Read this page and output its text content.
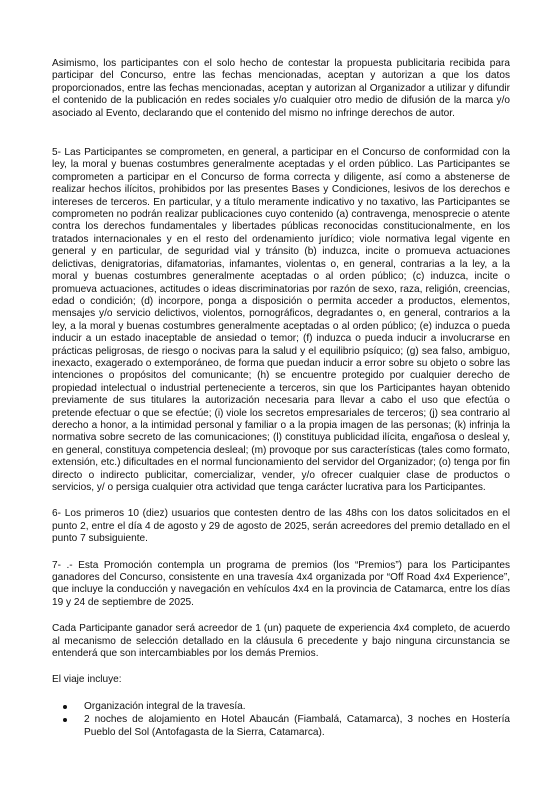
Asimismo, los participantes con el solo hecho de contestar la propuesta publicitaria recibida para participar del Concurso, entre las fechas mencionadas, aceptan y autorizan a que los datos proporcionados, entre las fechas mencionadas, aceptan y autorizan al Organizador a utilizar y difundir el contenido de la publicación en redes sociales y/o cualquier otro medio de difusión de la marca y/o asociado al Evento, declarando que el contenido del mismo no infringe derechos de autor.

5- Las Participantes se comprometen, en general, a participar en el Concurso de conformidad con la ley, la moral y buenas costumbres generalmente aceptadas y el orden público. Las Participantes se comprometen a participar en el Concurso de forma correcta y diligente, así como a abstenerse de realizar hechos ilícitos, prohibidos por las presentes Bases y Condiciones, lesivos de los derechos e intereses de terceros. En particular, y a título meramente indicativo y no taxativo, las Participantes se comprometen no podrán realizar publicaciones cuyo contenido (a) contravenga, menosprecie o atente contra los derechos fundamentales y libertades públicas reconocidas constitucionalmente, en los tratados internacionales y en el resto del ordenamiento jurídico; viole normativa legal vigente en general y en particular, de seguridad vial y tránsito (b) induzca, incite o promueva actuaciones delictivas, denigratorias, difamatorias, infamantes, violentas o, en general, contrarias a la ley, a la moral y buenas costumbres generalmente aceptadas o al orden público; (c) induzca, incite o promueva actuaciones, actitudes o ideas discriminatorias por razón de sexo, raza, religión, creencias, edad o condición; (d) incorpore, ponga a disposición o permita acceder a productos, elementos, mensajes y/o servicio delictivos, violentos, pornográficos, degradantes o, en general, contrarios a la ley, a la moral y buenas costumbres generalmente aceptadas o al orden público; (e) induzca o pueda inducir a un estado inaceptable de ansiedad o temor; (f) induzca o pueda inducir a involucrarse en prácticas peligrosas, de riesgo o nocivas para la salud y el equilibrio psíquico; (g) sea falso, ambiguo, inexacto, exagerado o extemporáneo, de forma que puedan inducir a error sobre su objeto o sobre las intenciones o propósitos del comunicante; (h) se encuentre protegido por cualquier derecho de propiedad intelectual o industrial perteneciente a terceros, sin que los Participantes hayan obtenido previamente de sus titulares la autorización necesaria para llevar a cabo el uso que efectúa o pretende efectuar o que se efectúe; (i) viole los secretos empresariales de terceros; (j) sea contrario al derecho a honor, a la intimidad personal y familiar o a la propia imagen de las personas; (k) infrinja la normativa sobre secreto de las comunicaciones; (l) constituya publicidad ilícita, engañosa o desleal y, en general, constituya competencia desleal; (m) provoque por sus características (tales como formato, extensión, etc.) dificultades en el normal funcionamiento del servidor del Organizador; (o) tenga por fin directo o indirecto publicitar, comercializar, vender, y/o ofrecer cualquier clase de productos o servicios, y/ o persiga cualquier otra actividad que tenga carácter lucrativa para los Participantes.

6- Los primeros 10 (diez) usuarios que contesten dentro de las 48hs con los datos solicitados en el punto 2, entre el día 4 de agosto y 29 de agosto de 2025, serán acreedores del premio detallado en el punto 7 subsiguiente.

7- .- Esta Promoción contempla un programa de premios (los “Premios”) para los Participantes ganadores del Concurso, consistente en una travesía 4x4 organizada por “Off Road 4x4 Experience”, que incluye la conducción y navegación en vehículos 4x4 en la provincia de Catamarca, entre los días 19 y 24 de septiembre de 2025.

Cada Participante ganador será acreedor de 1 (un) paquete de experiencia 4x4 completo, de acuerdo al mecanismo de selección detallado en la cláusula 6 precedente y bajo ninguna circunstancia se entenderá que son intercambiables por los demás Premios.

El viaje incluye:

Organización integral de la travesía.
2 noches de alojamiento en Hotel Abaucán (Fiambalá, Catamarca), 3 noches en Hostería Pueblo del Sol (Antofagasta de la Sierra, Catamarca).
